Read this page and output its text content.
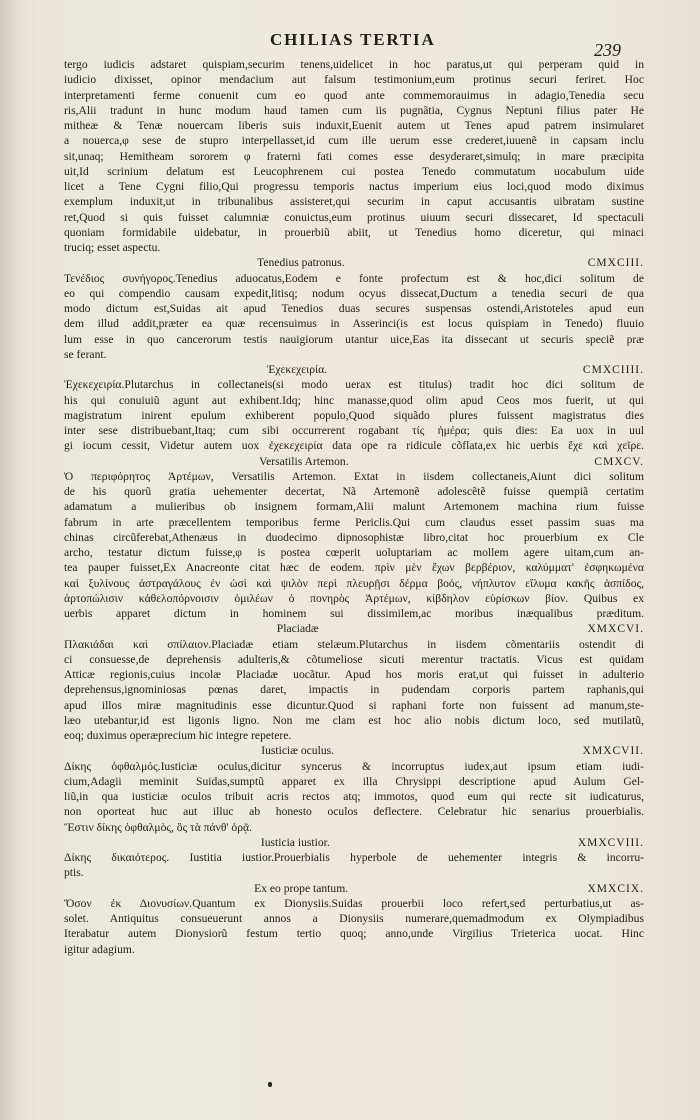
CHILIAS TERTIA
239
tergo iudicis adstaret quispiam,securim tenens,uidelicet in hoc paratus,ut qui perperam quid in
iudicio dixisset, opinor mendacium aut falsum testimonium,eum protinus securi feriret. Hoc
interpretamenti ferme conuenit cum eo quod ante commemorauimus in adagio,Tenedia secu
ris,Alii tradunt in hunc modum haud tamen cum iis pugnãtia, Cygnus Neptuni filius pater He
mitheæ & Tenæ nouercam liberis suis induxit,Euenit autem ut Tenes apud patrem insimularet
a nouerca,φ sese de stupro interpellasset,id cum ille uerum esse crederet,iuuenẽ in capsam inclu
sit,unaq; Hemitheam sororem φ fraterni fati comes esse desyderaret,simulq; in mare præcipita
uit,Id scrinium delatum est Leucophrenem cui postea Tenedo commutatum uocabulum uide
licet a Tene Cygni filio,Qui progressu temporis nactus imperium eius loci,quod modo diximus
exemplum induxit,ut in tribunalibus assisteret,qui securim in caput accusantis uibratam sustine
ret,Quod si quis fuisset calumniæ conuictus,eum protinus uiuum securi dissecaret, Id spectaculi
quoniam formidabile uidebatur, in prouerbiũ abiit, ut Tenedius homo diceretur, qui minaci
truciq; esset aspectu.
Tenedius patronus.	CMXCIII.
Τενέδιος συνήγορος.Tenedius aduocatus,Eodem e fonte profectum est & hoc,dici solitum de
eo qui compendio causam expedit,litisq; nodum ocyus dissecat,Ductum a tenedia securi de qua
modo dictum est,Suidas ait apud Tenedios duas secures suspensas ostendi,Aristoteles apud eun
dem illud addit,præter ea quæ recensuimus in Asserinci(is est locus quispiam in Tenedo) fluuio
lum esse in quo cancerorum testis nauigiorum utantur uice,Eas ita dissecant ut securis speciẽ præ
se ferant.
Ἐχεκεχειρία.	CMXCIIII.
Ἐχεκεχειρία.Plutarchus in collectaneis(si modo uerax est titulus) tradit hoc dici solitum de
his qui conuiuiũ agunt aut exhibent.Idq; hinc manasse,quod olim apud Ceos mos fuerit, ut qui
magistratum inirent epulum exhiberent populo,Quod siquãdo plures fuissent magistratus dies
inter sese distribuebant,Itaq; cum sibi occurrerent rogabant τίς ἡμέρα; quis dies: Ea uox in uul
gi iocum cessit, Videtur autem uox ἐχεκεχειρία data ope ra ridicule cõflata,ex hic uerbis ἔχε καὶ χεῖρε.
Versatilis Artemon.	CMXCV.
Ὁ περιφόρητος Ἀρτέμων, Versatilis Artemon. Extat in iisdem collectaneis,Aiunt dici solitum
de his quorũ gratia uehementer decertat, Nã Artemonẽ adolescẽtẽ fuisse quempiã certatim
adamatum a mulieribus ob insignem formam,Alii malunt Artemonem machina rium fuisse
fabrum in arte præcellentem temporibus ferme Periclis.Qui cum claudus esset passim suas ma
chinas circũferebat,Athenæus in duodecimo dipnosophistæ libro,citat hoc prouerbium ex Cle
archo, testatur dictum fuisse,φ is postea cœperit uoluptariam ac mollem agere uitam,cum an-
tea pauper fuisset,Ex Anacreonte citat hæc de eodem. πρὶν μὲν ἔχων βερβέριον, καλύμματ' ἐσφηκωμένα
καὶ ξυλίνους ἀστραγάλους ἐν ὠσὶ καὶ ψιλὸν περὶ πλευρῇσι δέρμα βοός, νήπλυτον εἴλυμα κακῆς ἀσπίδος,
ἀρτοπώλισιν κἀθελοπόρνοισιν ὁμιλέων ὁ πονηρὸς Ἀρτέμων, κίβδηλον εὑρίσκων βίον. Quibus ex
uerbis apparet dictum in hominem sui dissimilem,ac moribus inæqualibus præditum.
Placiadæ	XMXCVI.
Πλακιάδαι καὶ σπίλαιον.Placiadæ etiam stelæum.Plutarchus in iisdem cõmentariis ostendit di
ci consuesse,de deprehensis adulteris,& cõtumeliose sicuti merentur tractatis. Vicus est quidam
Atticæ regionis,cuius incolæ Placiadæ uocãtur. Apud hos moris erat,ut qui fuisset in adulterio
deprehensus,ignominiosas pœnas daret, impactis in pudendam corporis partem raphanis,qui
apud illos miræ magnitudinis esse dicuntur.Quod si raphani forte non fuissent ad manum,ste-
læo utebantur,id est ligonis ligno. Non me clam est hoc alio nobis dictum loco, sed mutilatũ,
eoq; duximus operæprecium hic integre repetere.
Iusticiæ oculus.	XMXCVII.
Δίκης ὀφθαλμός.Iusticiæ oculus,dicitur syncerus & incorruptus iudex,aut ipsum etiam iudi-
cium,Adagii meminit Suidas,sumptũ apparet ex illa Chrysippi descriptione apud Aulum Gel-
liũ,in qua iusticiæ oculos tribuit acris rectos atq; immotos, quod eum qui recte sit iudicaturus,
non oporteat huc aut illuc ab honesto oculos deflectere. Celebratur hic senarius prouerbialis.
Ἔστιν δίκης ὀφθαλμὸς, ὃς τὰ πάνθ' ὁρᾷ.
Iusticia iustior.	XMXCVIII.
Δίκης δικαιότερος. Iustitia iustior.Prouerbialis hyperbole de uehementer integris & incorru-
ptis.
Ex eo prope tantum.	XMXCIX.
Ὅσον ἐκ Διονυσίων.Quantum ex Dionysiis.Suidas prouerbii loco refert,sed perturbatius,ut as-
solet. Antiquitus consueuerunt annos a Dionysiis numerare,quemadmodum ex Olympiadibus
Iterabatur autem Dionysiorũ festum tertio quoq; anno,unde Virgilius Trieterica uocat. Hinc
igitur adagium.
